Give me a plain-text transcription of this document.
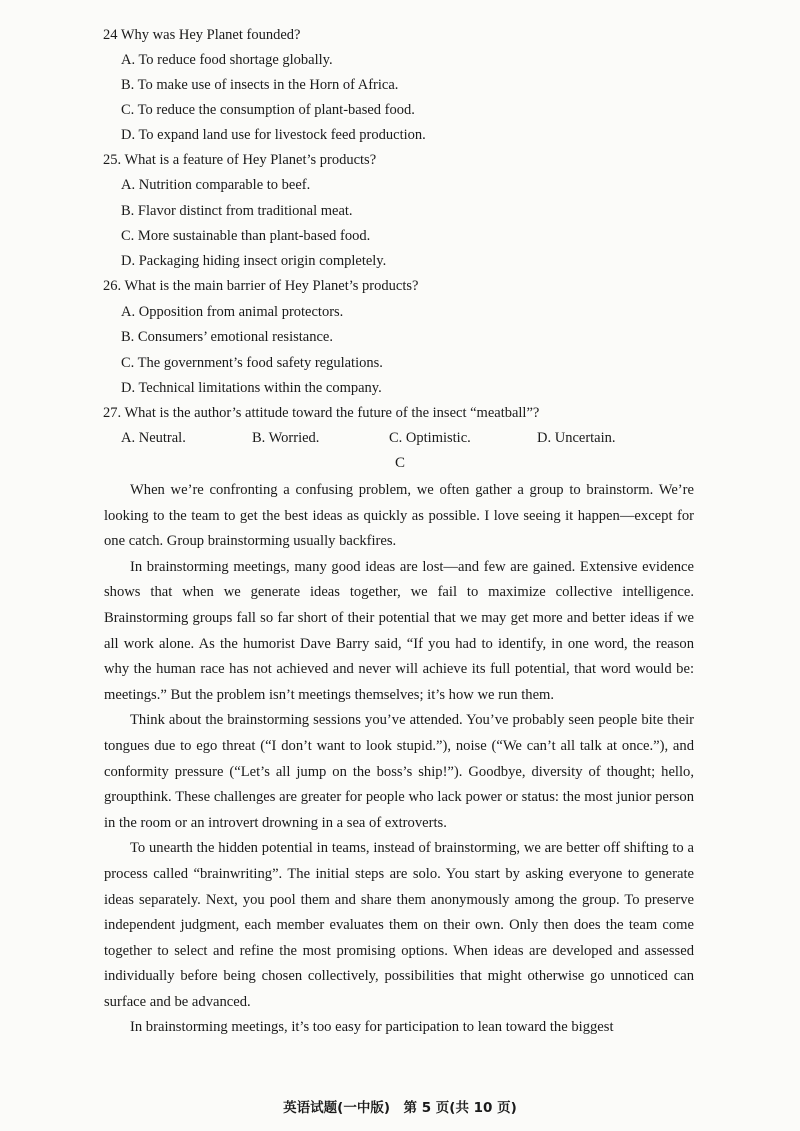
24 Why was Hey Planet founded?
A. To reduce food shortage globally.
B. To make use of insects in the Horn of Africa.
C. To reduce the consumption of plant-based food.
D. To expand land use for livestock feed production.
25. What is a feature of Hey Planet’s products?
A. Nutrition comparable to beef.
B. Flavor distinct from traditional meat.
C. More sustainable than plant-based food.
D. Packaging hiding insect origin completely.
26. What is the main barrier of Hey Planet’s products?
A. Opposition from animal protectors.
B. Consumers’ emotional resistance.
C. The government’s food safety regulations.
D. Technical limitations within the company.
27. What is the author’s attitude toward the future of the insect “meatball”?
A. Neutral.	B. Worried.	C. Optimistic.	D. Uncertain.
C

When we’re confronting a confusing problem, we often gather a group to brainstorm. We’re looking to the team to get the best ideas as quickly as possible. I love seeing it happen—except for one catch. Group brainstorming usually backfires.

In brainstorming meetings, many good ideas are lost—and few are gained. Extensive evidence shows that when we generate ideas together, we fail to maximize collective intelligence. Brainstorming groups fall so far short of their potential that we may get more and better ideas if we all work alone. As the humorist Dave Barry said, “If you had to identify, in one word, the reason why the human race has not achieved and never will achieve its full potential, that word would be: meetings.” But the problem isn’t meetings themselves; it’s how we run them.

Think about the brainstorming sessions you’ve attended. You’ve probably seen people bite their tongues due to ego threat (“I don’t want to look stupid.”), noise (“We can’t all talk at once.”), and conformity pressure (“Let’s all jump on the boss’s ship!”). Goodbye, diversity of thought; hello, groupthink. These challenges are greater for people who lack power or status: the most junior person in the room or an introvert drowning in a sea of extroverts.

To unearth the hidden potential in teams, instead of brainstorming, we are better off shifting to a process called “brainwriting”. The initial steps are solo. You start by asking everyone to generate ideas separately. Next, you pool them and share them anonymously among the group. To preserve independent judgment, each member evaluates them on their own. Only then does the team come together to select and refine the most promising options. When ideas are developed and assessed individually before being chosen collectively, possibilities that might otherwise go unnoticed can surface and be advanced.

In brainstorming meetings, it’s too easy for participation to lean toward the biggest

英语试题(一中版)　第 5 页(共 10 页)
